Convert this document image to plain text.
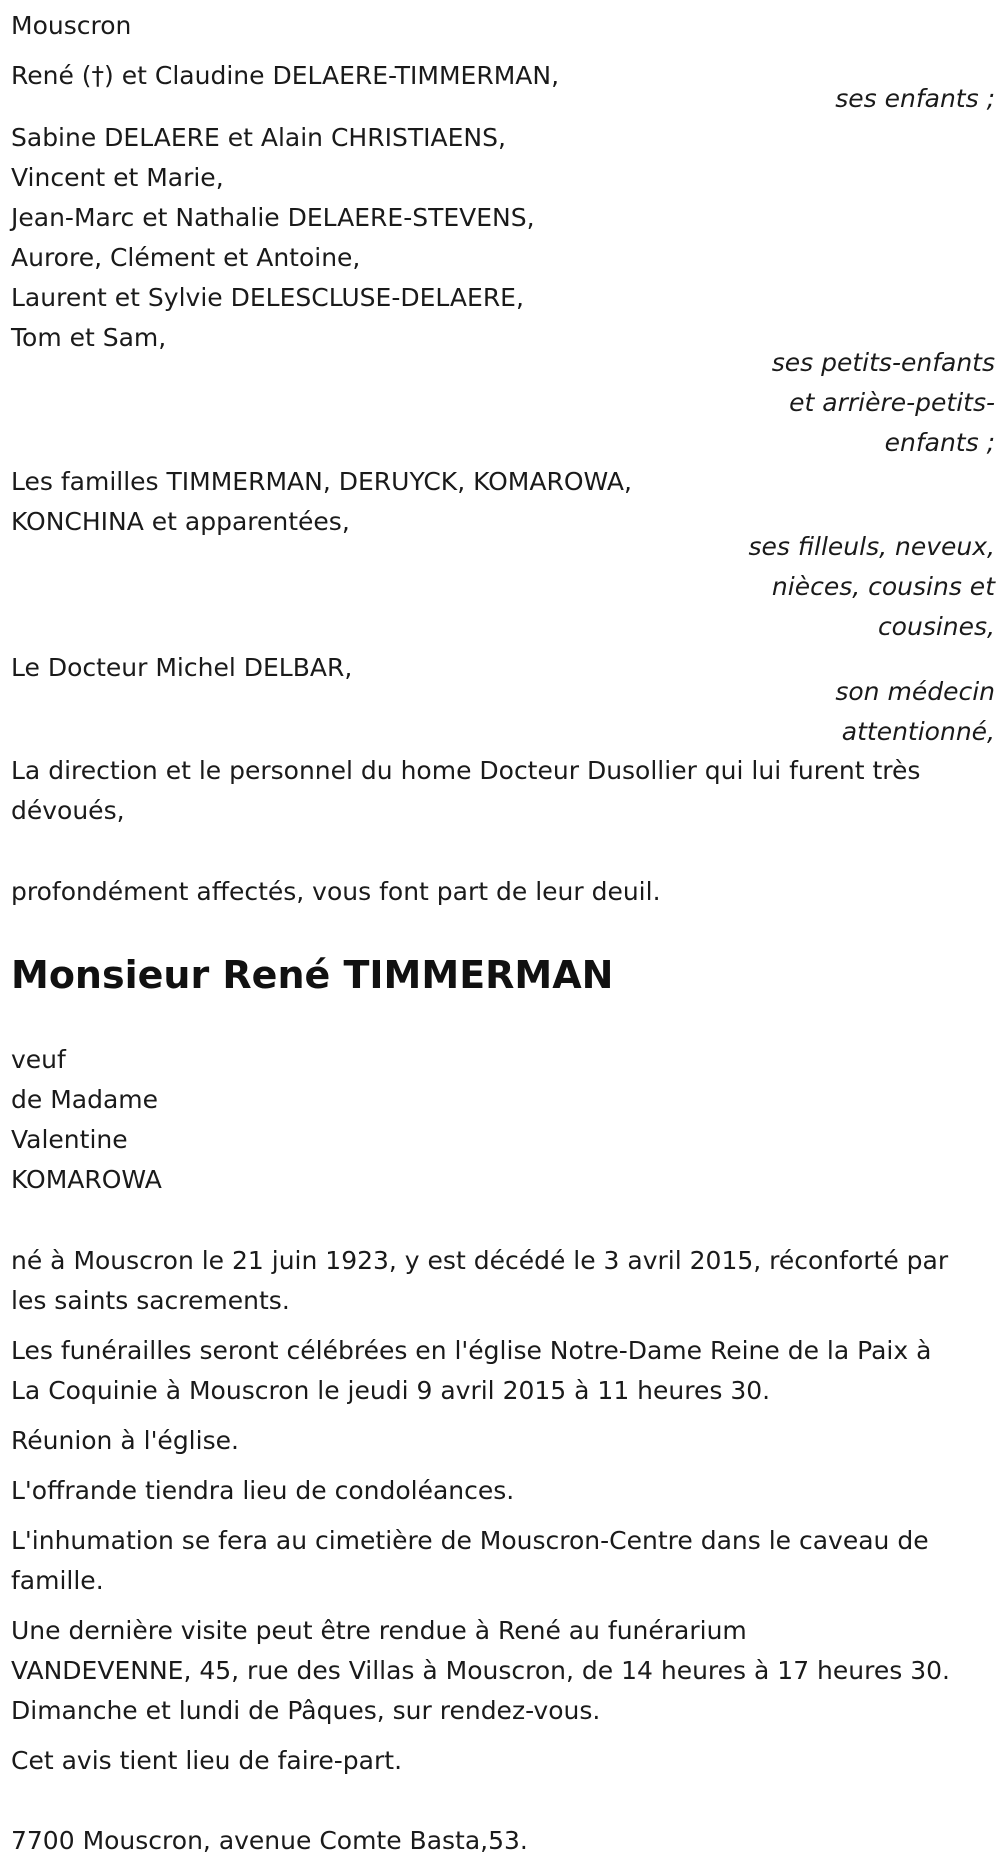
Mouscron

René (†) et Claudine DELAERE-TIMMERMAN,

ses enfants ;

Sabine DELAERE et Alain CHRISTIAENS,

Vincent et Marie,

Jean-Marc et Nathalie DELAERE-STEVENS,

Aurore, Clément et Antoine,

Laurent et Sylvie DELESCLUSE-DELAERE,

Tom et Sam,

ses petits-enfants

et arrière-petits-

enfants ;

Les familles TIMMERMAN, DERUYCK, KOMAROWA,

KONCHINA et apparentées,

ses filleuls, neveux,

nièces, cousins et

cousines,

Le Docteur Michel DELBAR,

son médecin

attentionné,

La direction et le personnel du home Docteur Dusollier qui lui furent très

dévoués,

profondément affectés, vous font part de leur deuil.

Monsieur René TIMMERMAN

veuf

de Madame

Valentine

KOMAROWA

né à Mouscron le 21 juin 1923, y est décédé le 3 avril 2015, réconforté par

les saints sacrements.

Les funérailles seront célébrées en l'église Notre-Dame Reine de la Paix à

La Coquinie à Mouscron le jeudi 9 avril 2015 à 11 heures 30.

Réunion à l'église.

L'offrande tiendra lieu de condoléances.

L'inhumation se fera au cimetière de Mouscron-Centre dans le caveau de

famille.

Une dernière visite peut être rendue à René au funérarium

VANDEVENNE, 45, rue des Villas à Mouscron, de 14 heures à 17 heures 30.

Dimanche et lundi de Pâques, sur rendez-vous.

Cet avis tient lieu de faire-part.

7700 Mouscron, avenue Comte Basta,53.
